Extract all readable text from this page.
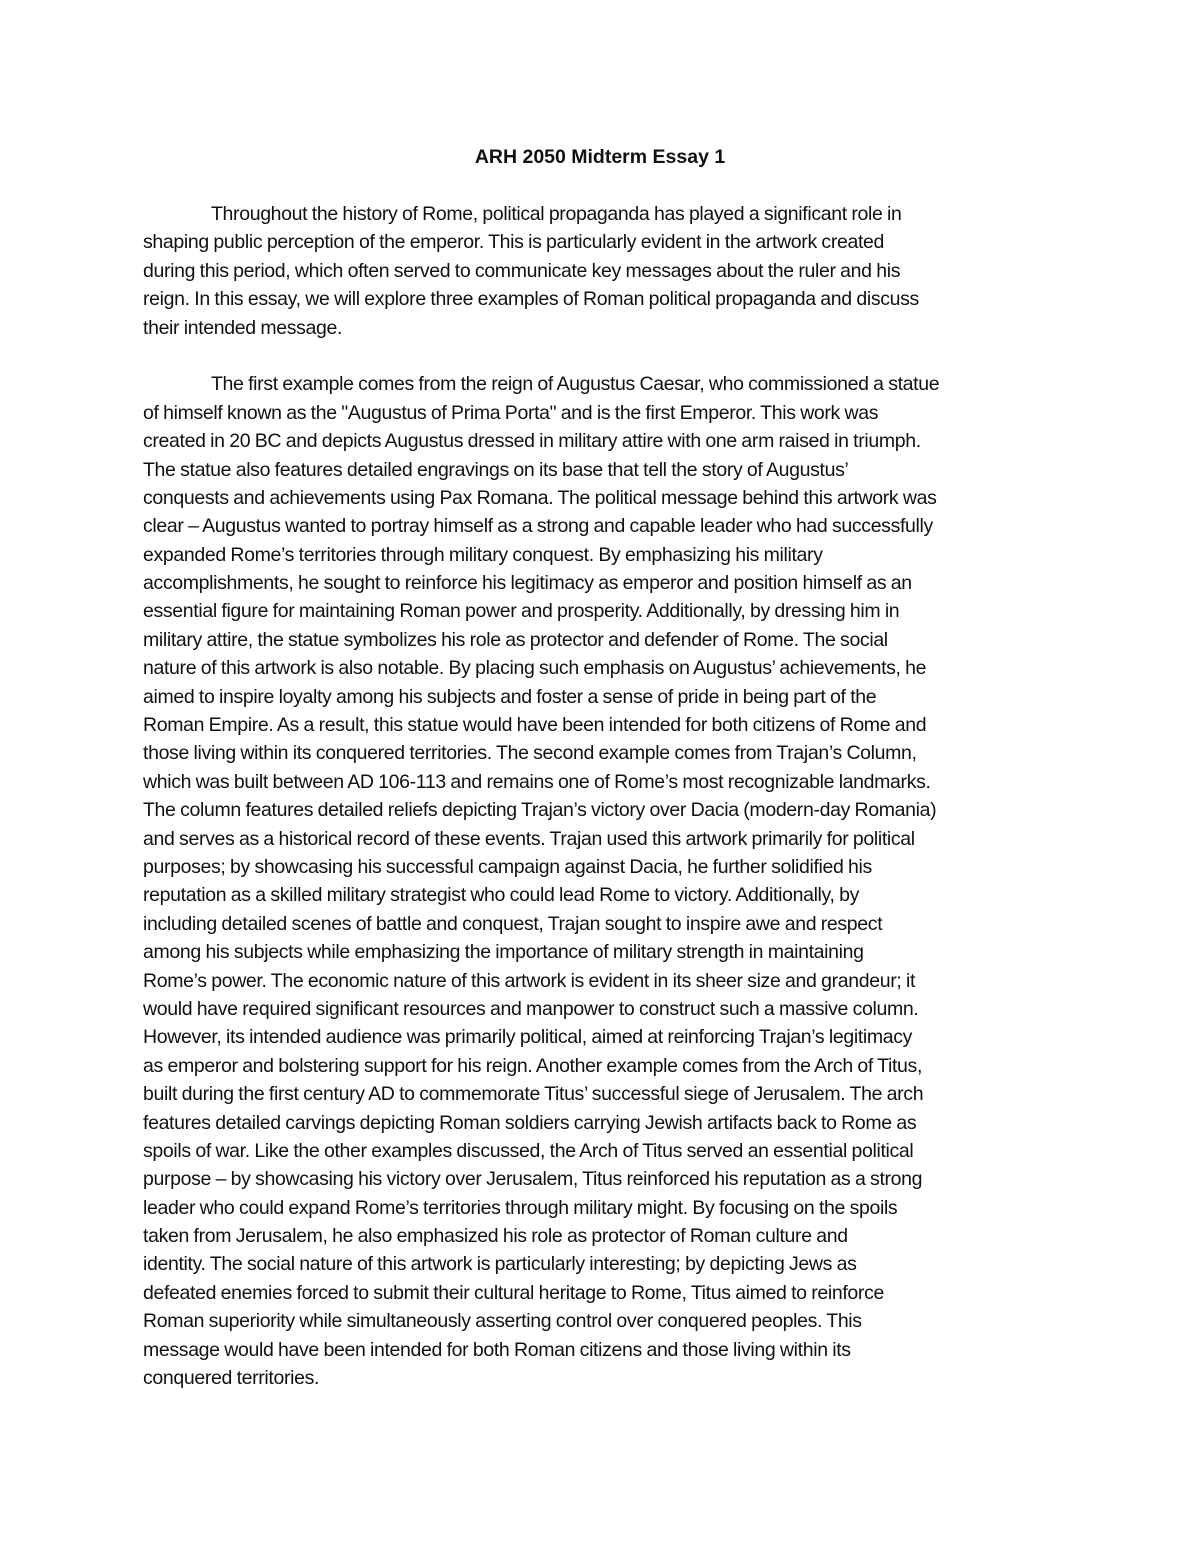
ARH 2050 Midterm Essay 1
Throughout the history of Rome, political propaganda has played a significant role in
shaping public perception of the emperor. This is particularly evident in the artwork created
during this period, which often served to communicate key messages about the ruler and his
reign. In this essay, we will explore three examples of Roman political propaganda and discuss
their intended message.
The first example comes from the reign of Augustus Caesar, who commissioned a statue
of himself known as the "Augustus of Prima Porta" and is the first Emperor. This work was
created in 20 BC and depicts Augustus dressed in military attire with one arm raised in triumph.
The statue also features detailed engravings on its base that tell the story of Augustus’
conquests and achievements using Pax Romana. The political message behind this artwork was
clear – Augustus wanted to portray himself as a strong and capable leader who had successfully
expanded Rome’s territories through military conquest. By emphasizing his military
accomplishments, he sought to reinforce his legitimacy as emperor and position himself as an
essential figure for maintaining Roman power and prosperity. Additionally, by dressing him in
military attire, the statue symbolizes his role as protector and defender of Rome. The social
nature of this artwork is also notable. By placing such emphasis on Augustus’ achievements, he
aimed to inspire loyalty among his subjects and foster a sense of pride in being part of the
Roman Empire. As a result, this statue would have been intended for both citizens of Rome and
those living within its conquered territories. The second example comes from Trajan’s Column,
which was built between AD 106-113 and remains one of Rome’s most recognizable landmarks.
The column features detailed reliefs depicting Trajan’s victory over Dacia (modern-day Romania)
and serves as a historical record of these events. Trajan used this artwork primarily for political
purposes; by showcasing his successful campaign against Dacia, he further solidified his
reputation as a skilled military strategist who could lead Rome to victory. Additionally, by
including detailed scenes of battle and conquest, Trajan sought to inspire awe and respect
among his subjects while emphasizing the importance of military strength in maintaining
Rome’s power. The economic nature of this artwork is evident in its sheer size and grandeur; it
would have required significant resources and manpower to construct such a massive column.
However, its intended audience was primarily political, aimed at reinforcing Trajan’s legitimacy
as emperor and bolstering support for his reign. Another example comes from the Arch of Titus,
built during the first century AD to commemorate Titus’ successful siege of Jerusalem. The arch
features detailed carvings depicting Roman soldiers carrying Jewish artifacts back to Rome as
spoils of war. Like the other examples discussed, the Arch of Titus served an essential political
purpose – by showcasing his victory over Jerusalem, Titus reinforced his reputation as a strong
leader who could expand Rome’s territories through military might. By focusing on the spoils
taken from Jerusalem, he also emphasized his role as protector of Roman culture and
identity. The social nature of this artwork is particularly interesting; by depicting Jews as
defeated enemies forced to submit their cultural heritage to Rome, Titus aimed to reinforce
Roman superiority while simultaneously asserting control over conquered peoples. This
message would have been intended for both Roman citizens and those living within its
conquered territories.
